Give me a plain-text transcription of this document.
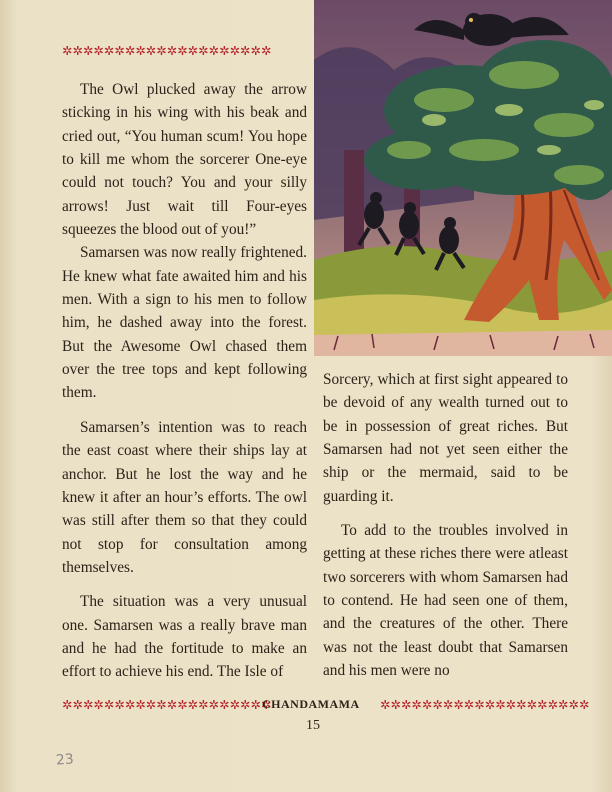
✲✲✲✲✲✲✲✲✲✲✲✲✲✲✲✲✲✲✲✲

The Owl plucked away the arrow sticking in his wing with his beak and cried out, “You human scum! You hope to kill me whom the sorcerer One-eye could not touch? You and your silly arrows! Just wait till Four-eyes squeezes the blood out of you!”

Samarsen was now really frightened. He knew what fate awaited him and his men. With a sign to his men to follow him, he dashed away into the forest. But the Awesome Owl chased them over the tree tops and kept following them.

Samarsen’s intention was to reach the east coast where their ships lay at anchor. But he lost the way and he knew it after an hour’s efforts. The owl was still after them so that they could not stop for consultation among themselves.

The situation was a very unusual one. Samarsen was a really brave man and he had the fortitude to make an effort to achieve his end. The Isle of

Sorcery, which at first sight appeared to be devoid of any wealth turned out to be in possession of great riches. But Samarsen had not yet seen either the ship or the mermaid, said to be guarding it.

To add to the troubles involved in getting at these riches there were atleast two sorcerers with whom Samarsen had to contend. He had seen one of them, and the creatures of the other. There was not the least doubt that Samarsen and his men were no

✲✲✲✲✲✲✲✲✲✲✲✲✲✲✲✲✲✲✲✲
CHANDAMAMA ✲✲✲✲✲✲✲✲✲✲✲✲✲✲✲✲✲✲✲✲
15
23
